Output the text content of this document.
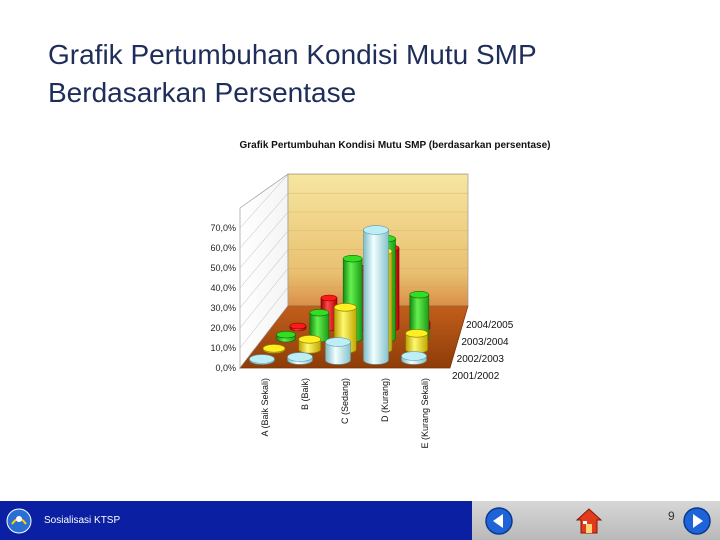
Grafik Pertumbuhan Kondisi Mutu SMP
Berdasarkan Persentase
Grafik Pertumbuhan Kondisi Mutu SMP (berdasarkan persentase)
0,0%
10,0%
20,0%
30,0%
40,0%
50,0%
60,0%
70,0%
2004/2005
2003/2004
2002/2003
2001/2002
A (Baik Sekali)	B (Baik)	C (Sedang)	D (Kurang)	E (Kurang Sekali)
Sosialisasi KTSP	9
